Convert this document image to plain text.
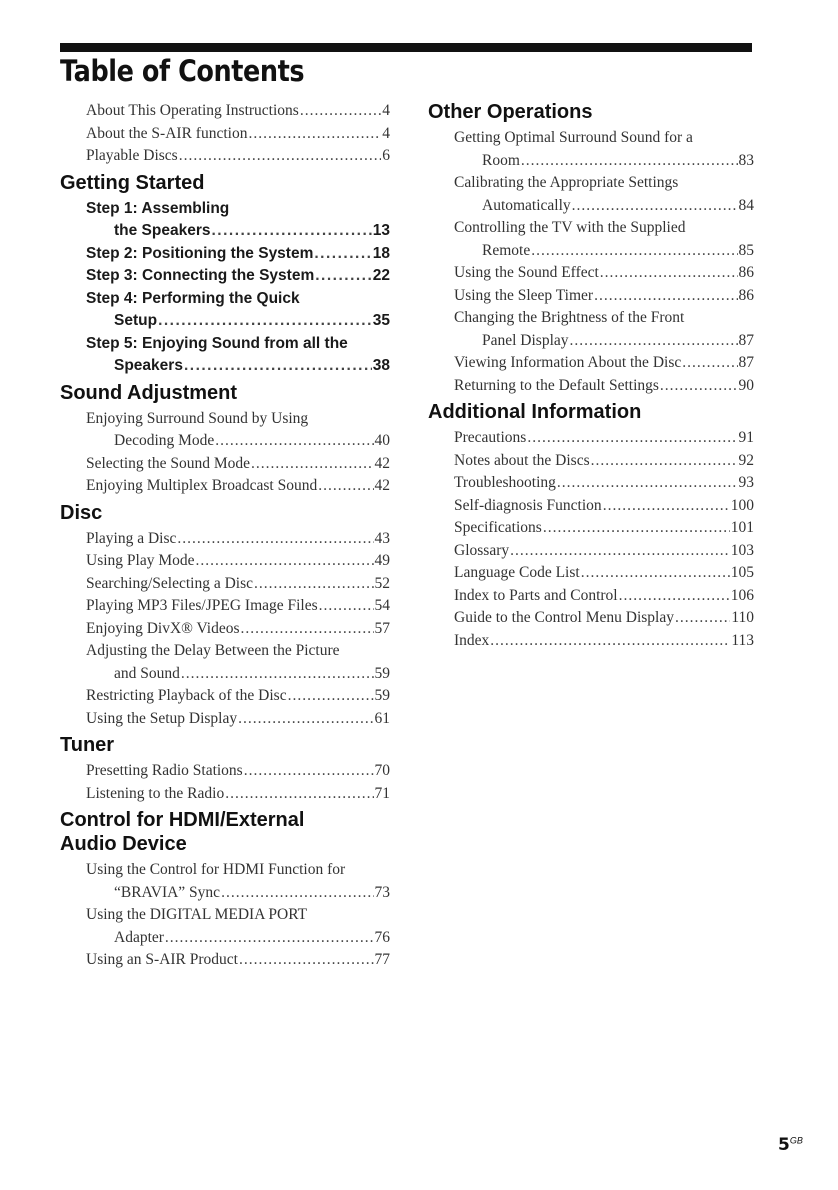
Table of Contents
About This Operating Instructions .....	4
About the S-AIR function .....	4
Playable Discs .....	6
Getting Started
Step 1: Assembling
the Speakers .....	13
Step 2: Positioning the System .....	18
Step 3: Connecting the System .....	22
Step 4: Performing the Quick
Setup .....	35
Step 5: Enjoying Sound from all the
Speakers .....	38
Sound Adjustment
Enjoying Surround Sound by Using
Decoding Mode .....	40
Selecting the Sound Mode .....	42
Enjoying Multiplex Broadcast Sound .....	42
Disc
Playing a Disc .....	43
Using Play Mode .....	49
Searching/Selecting a Disc .....	52
Playing MP3 Files/JPEG Image Files .....	54
Enjoying DivX® Videos .....	57
Adjusting the Delay Between the Picture
and Sound .....	59
Restricting Playback of the Disc .....	59
Using the Setup Display .....	61
Tuner
Presetting Radio Stations .....	70
Listening to the Radio .....	71
Control for HDMI/External
Audio Device
Using the Control for HDMI Function for
“BRAVIA” Sync .....	73
Using the DIGITAL MEDIA PORT
Adapter .....	76
Using an S-AIR Product .....	77
Other Operations
Getting Optimal Surround Sound for a
Room .....	83
Calibrating the Appropriate Settings
Automatically .....	84
Controlling the TV with the Supplied
Remote .....	85
Using the Sound Effect .....	86
Using the Sleep Timer .....	86
Changing the Brightness of the Front
Panel Display .....	87
Viewing Information About the Disc .....	87
Returning to the Default Settings .....	90
Additional Information
Precautions .....	91
Notes about the Discs .....	92
Troubleshooting .....	93
Self-diagnosis Function .....	100
Specifications .....	101
Glossary .....	103
Language Code List .....	105
Index to Parts and Control .....	106
Guide to the Control Menu Display .....	110
Index .....	113
$5^{GB}$
